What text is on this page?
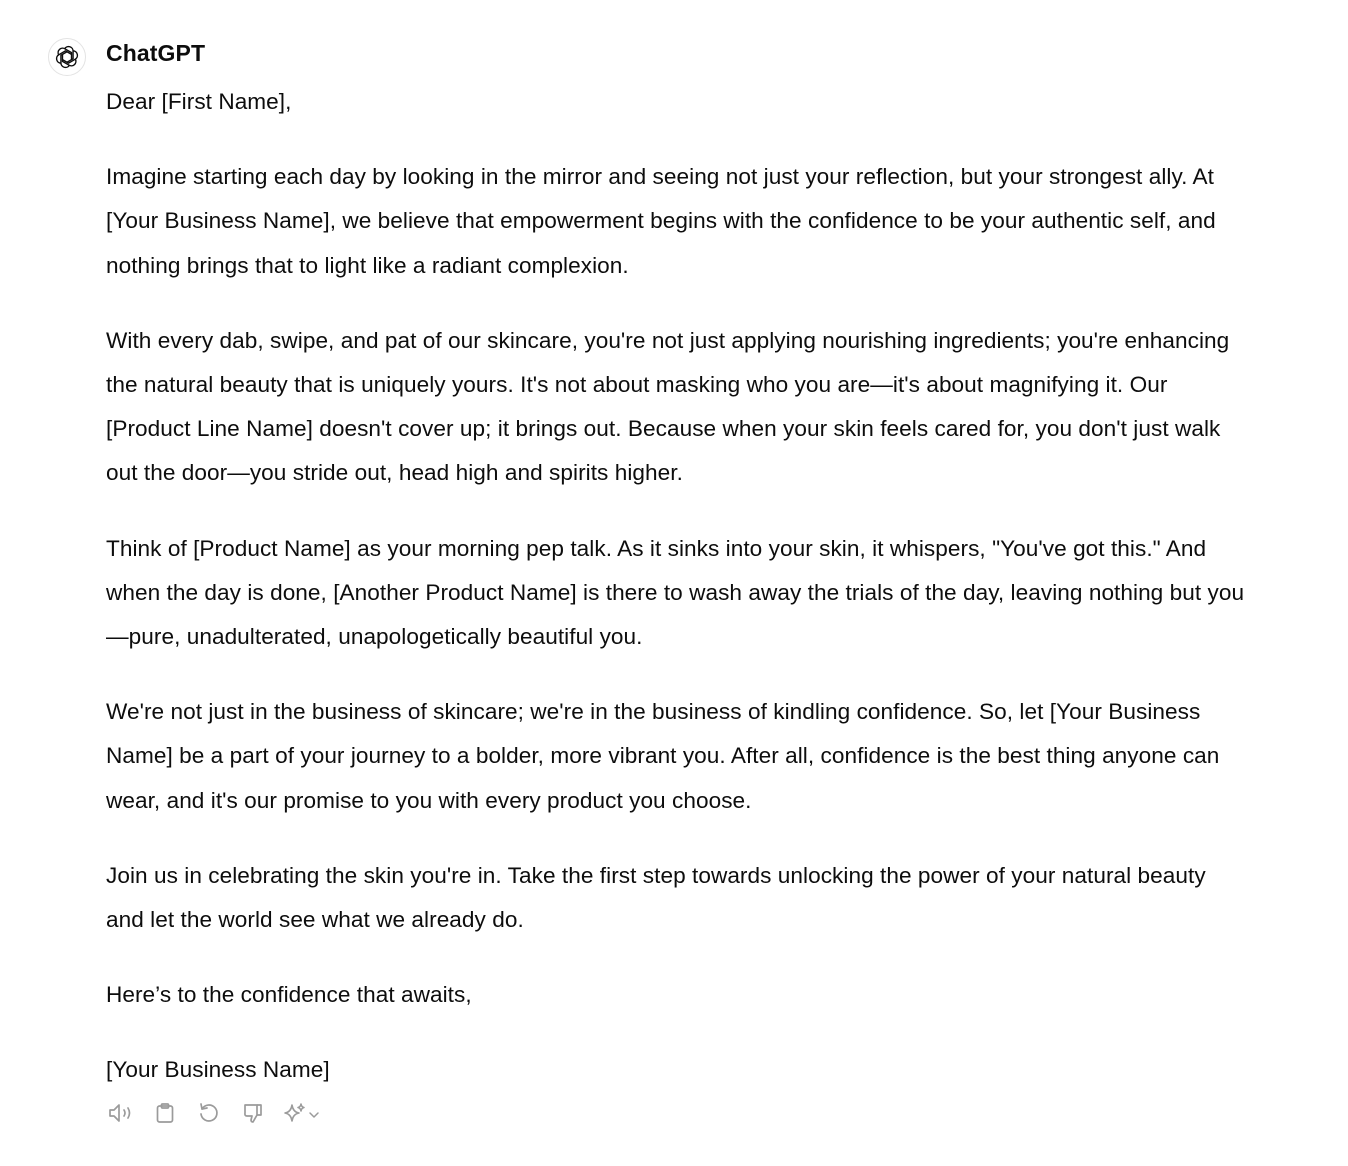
ChatGPT

Dear [First Name],

Imagine starting each day by looking in the mirror and seeing not just your reflection, but your strongest ally. At [Your Business Name], we believe that empowerment begins with the confidence to be your authentic self, and nothing brings that to light like a radiant complexion.

With every dab, swipe, and pat of our skincare, you're not just applying nourishing ingredients; you're enhancing the natural beauty that is uniquely yours. It's not about masking who you are—it's about magnifying it. Our [Product Line Name] doesn't cover up; it brings out. Because when your skin feels cared for, you don't just walk out the door—you stride out, head high and spirits higher.

Think of [Product Name] as your morning pep talk. As it sinks into your skin, it whispers, "You've got this." And when the day is done, [Another Product Name] is there to wash away the trials of the day, leaving nothing but you—pure, unadulterated, unapologetically beautiful you.

We're not just in the business of skincare; we're in the business of kindling confidence. So, let [Your Business Name] be a part of your journey to a bolder, more vibrant you. After all, confidence is the best thing anyone can wear, and it's our promise to you with every product you choose.

Join us in celebrating the skin you're in. Take the first step towards unlocking the power of your natural beauty and let the world see what we already do.

Here’s to the confidence that awaits,

[Your Business Name]
